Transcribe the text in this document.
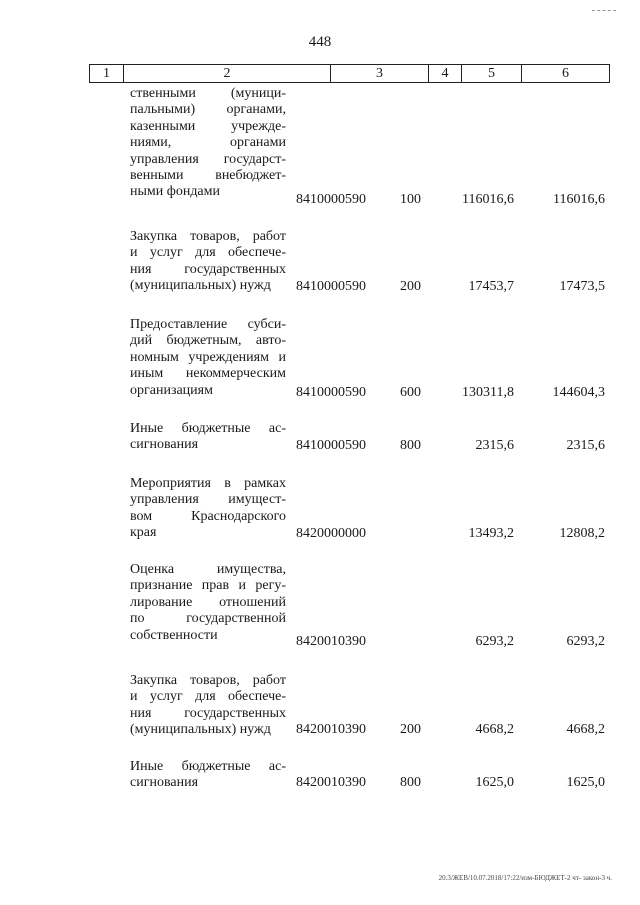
448
1	2	3	4	5	6
ственными (муници-
пальными) органами,
казенными учрежде-
ниями, органами
управления государст-
венными внебюджет-
ными фондами
8410000590 100	116016,6	116016,6
Закупка товаров, работ
и услуг для обеспече-
ния государственных
(муниципальных) нужд	8410000590 200	17453,7	17473,5
Предоставление субси-
дий бюджетным, авто-
номным учреждениям и
иным некоммерческим
организациям	8410000590 600	130311,8	144604,3
Иные бюджетные ас-
сигнования	8410000590 800	2315,6	2315,6
Мероприятия в рамках
управления имущест-
вом Краснодарского
края	8420000000	13493,2	12808,2
Оценка имущества,
признание прав и регу-
лирование отношений
по государственной
собственности	8420010390	6293,2	6293,2
Закупка товаров, работ
и услуг для обеспече-
ния государственных
(муниципальных) нужд	8420010390 200	4668,2	4668,2
Иные бюджетные ас-
сигнования	8420010390 800	1625,0	1625,0
20.3/ЖЕВ/10.07.2018/17:22/изм-БЮДЖЕТ-2 чт- закон-3 ч.
